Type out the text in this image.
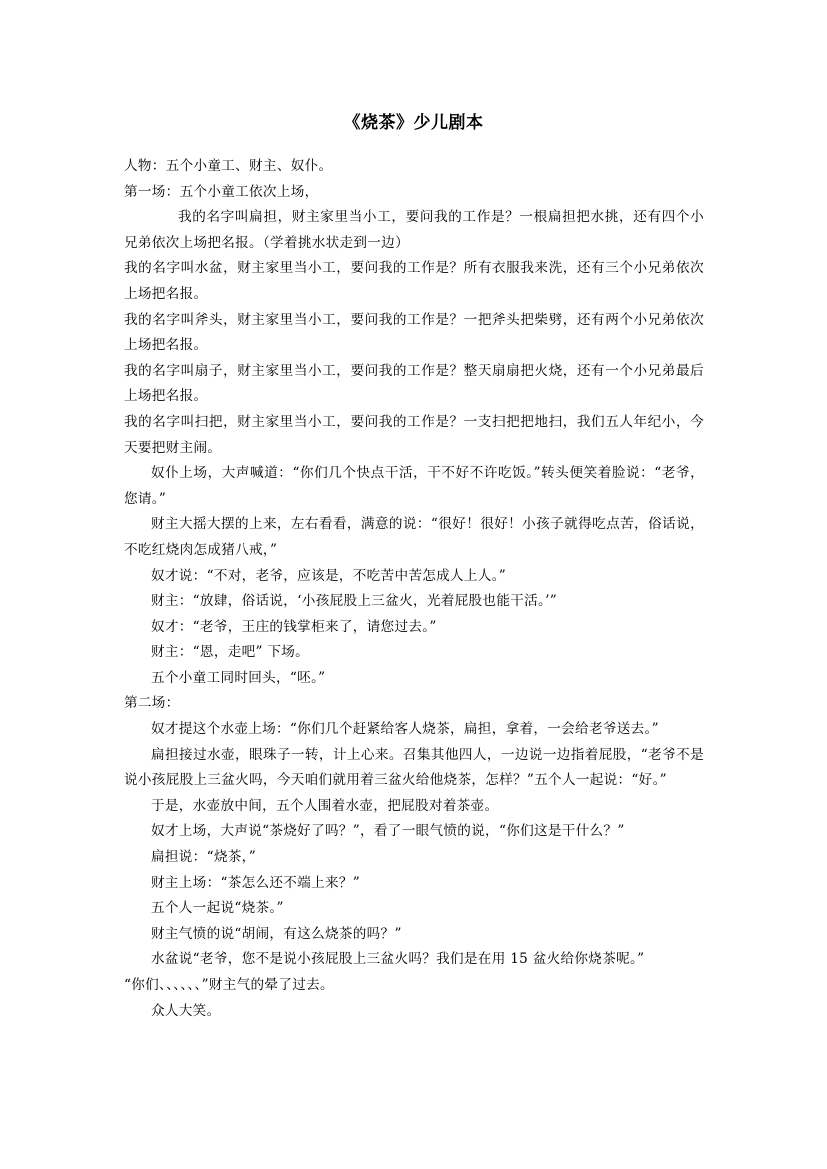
《烧茶》少儿剧本

人物：五个小童工、财主、奴仆。

第一场：五个小童工依次上场，

我的名字叫扁担，财主家里当小工，要问我的工作是？一根扁担把水挑，还有四个小兄弟依次上场把名报。（学着挑水状走到一边）

我的名字叫水盆，财主家里当小工，要问我的工作是？所有衣服我来洗，还有三个小兄弟依次上场把名报。

我的名字叫斧头，财主家里当小工，要问我的工作是？一把斧头把柴劈，还有两个小兄弟依次上场把名报。

我的名字叫扇子，财主家里当小工，要问我的工作是？整天扇扇把火烧，还有一个小兄弟最后上场把名报。

我的名字叫扫把，财主家里当小工，要问我的工作是？一支扫把把地扫，我们五人年纪小，今天要把财主闹。

奴仆上场，大声喊道：“你们几个快点干活，干不好不许吃饭。”转头便笑着脸说：“老爷，您请。”

财主大摇大摆的上来，左右看看，满意的说：“很好！很好！小孩子就得吃点苦，俗话说，不吃红烧肉怎成猪八戒，”

奴才说：“不对，老爷，应该是，不吃苦中苦怎成人上人。”

财主：“放肆，俗话说，‘小孩屁股上三盆火，光着屁股也能干活。’”

奴才：“老爷，王庄的钱掌柜来了，请您过去。”

财主：“恩，走吧” 下场。

五个小童工同时回头，“呸。”

第二场：

奴才提这个水壶上场：“你们几个赶紧给客人烧茶，扁担，拿着，一会给老爷送去。”

扁担接过水壶，眼珠子一转，计上心来。召集其他四人，一边说一边指着屁股，“老爷不是说小孩屁股上三盆火吗，今天咱们就用着三盆火给他烧茶，怎样？”五个人一起说：“好。”

于是，水壶放中间，五个人围着水壶，把屁股对着茶壶。

奴才上场，大声说“茶烧好了吗？”，看了一眼气愤的说，“你们这是干什么？”

扁担说：“烧茶，”

财主上场：“茶怎么还不端上来？”

五个人一起说“烧茶。”

财主气愤的说“胡闹，有这么烧茶的吗？”

水盆说“老爷，您不是说小孩屁股上三盆火吗？我们是在用 15 盆火给你烧茶呢。”

“你们、、、、、、”财主气的晕了过去。

众人大笑。
